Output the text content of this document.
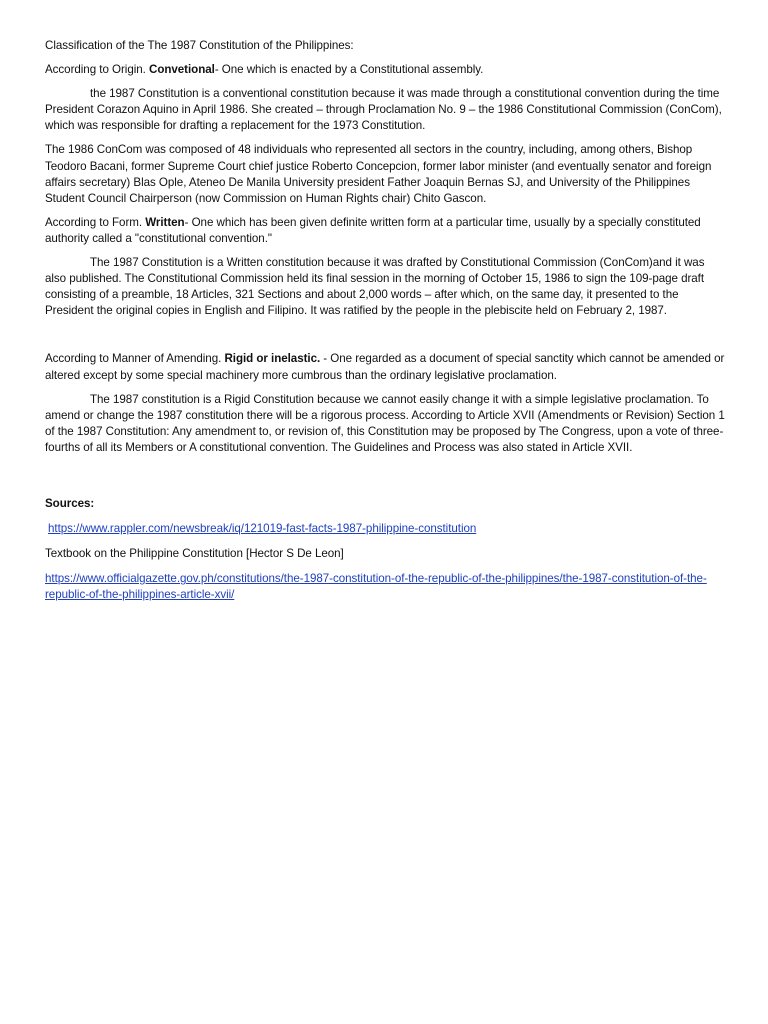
Classification of the The 1987 Constitution of the Philippines:

According to Origin. Convetional- One which is enacted by a Constitutional assembly.

the 1987 Constitution is a conventional constitution because it was made through a constitutional convention during the time President Corazon Aquino in April 1986. She created – through Proclamation No. 9 – the 1986 Constitutional Commission (ConCom), which was responsible for drafting a replacement for the 1973 Constitution.

The 1986 ConCom was composed of 48 individuals who represented all sectors in the country, including, among others, Bishop Teodoro Bacani, former Supreme Court chief justice Roberto Concepcion, former labor minister (and eventually senator and foreign affairs secretary) Blas Ople, Ateneo De Manila University president Father Joaquin Bernas SJ, and University of the Philippines Student Council Chairperson (now Commission on Human Rights chair) Chito Gascon.

According to Form. Written- One which has been given definite written form at a particular time, usually by a specially constituted authority called a "constitutional convention."

The 1987 Constitution is a Written constitution because it was drafted by Constitutional Commission (ConCom)and it was also published. The Constitutional Commission held its final session in the morning of October 15, 1986 to sign the 109-page draft consisting of a preamble, 18 Articles, 321 Sections and about 2,000 words – after which, on the same day, it presented to the President the original copies in English and Filipino. It was ratified by the people in the plebiscite held on February 2, 1987.

According to Manner of Amending. Rigid or inelastic. - One regarded as a document of special sanctity which cannot be amended or altered except by some special machinery more cumbrous than the ordinary legislative proclamation.

The 1987 constitution is a Rigid Constitution because we cannot easily change it with a simple legislative proclamation. To amend or change the 1987 constitution there will be a rigorous process. According to Article XVII (Amendments or Revision) Section 1 of the 1987 Constitution: Any amendment to, or revision of, this Constitution may be proposed by The Congress, upon a vote of three-fourths of all its Members or A constitutional convention. The Guidelines and Process was also stated in Article XVII.

Sources:

https://www.rappler.com/newsbreak/iq/121019-fast-facts-1987-philippine-constitution

Textbook on the Philippine Constitution [Hector S De Leon]

https://www.officialgazette.gov.ph/constitutions/the-1987-constitution-of-the-republic-of-the-philippines/the-1987-constitution-of-the-republic-of-the-philippines-article-xvii/
